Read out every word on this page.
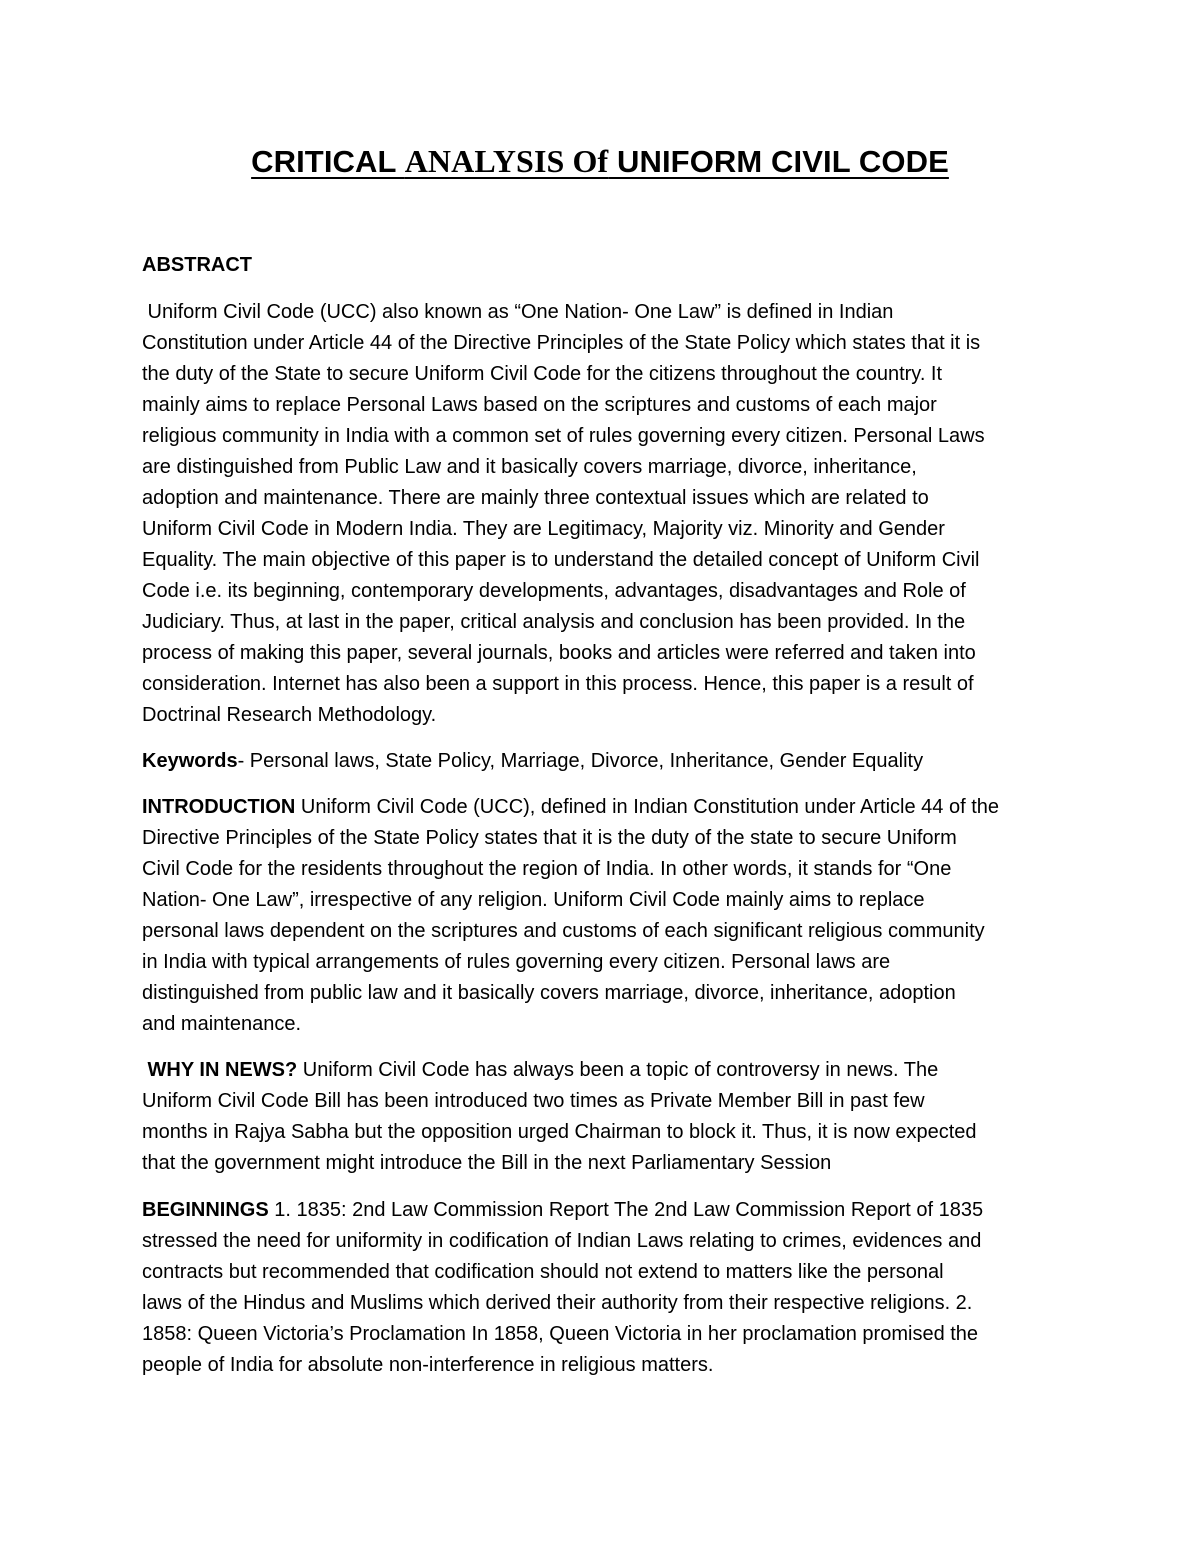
CRITICAL ANALYSIS Of UNIFORM CIVIL CODE
ABSTRACT
Uniform Civil Code (UCC) also known as “One Nation- One Law” is defined in Indian
Constitution under Article 44 of the Directive Principles of the State Policy which states that it is
the duty of the State to secure Uniform Civil Code for the citizens throughout the country. It
mainly aims to replace Personal Laws based on the scriptures and customs of each major
religious community in India with a common set of rules governing every citizen. Personal Laws
are distinguished from Public Law and it basically covers marriage, divorce, inheritance,
adoption and maintenance. There are mainly three contextual issues which are related to
Uniform Civil Code in Modern India. They are Legitimacy, Majority viz. Minority and Gender
Equality. The main objective of this paper is to understand the detailed concept of Uniform Civil
Code i.e. its beginning, contemporary developments, advantages, disadvantages and Role of
Judiciary. Thus, at last in the paper, critical analysis and conclusion has been provided. In the
process of making this paper, several journals, books and articles were referred and taken into
consideration. Internet has also been a support in this process. Hence, this paper is a result of
Doctrinal Research Methodology.
Keywords- Personal laws, State Policy, Marriage, Divorce, Inheritance, Gender Equality
INTRODUCTION Uniform Civil Code (UCC), defined in Indian Constitution under Article 44 of the
Directive Principles of the State Policy states that it is the duty of the state to secure Uniform
Civil Code for the residents throughout the region of India. In other words, it stands for “One
Nation- One Law”, irrespective of any religion. Uniform Civil Code mainly aims to replace
personal laws dependent on the scriptures and customs of each significant religious community
in India with typical arrangements of rules governing every citizen. Personal laws are
distinguished from public law and it basically covers marriage, divorce, inheritance, adoption
and maintenance.
WHY IN NEWS? Uniform Civil Code has always been a topic of controversy in news. The
Uniform Civil Code Bill has been introduced two times as Private Member Bill in past few
months in Rajya Sabha but the opposition urged Chairman to block it. Thus, it is now expected
that the government might introduce the Bill in the next Parliamentary Session
BEGINNINGS 1. 1835: 2nd Law Commission Report The 2nd Law Commission Report of 1835
stressed the need for uniformity in codification of Indian Laws relating to crimes, evidences and
contracts but recommended that codification should not extend to matters like the personal
laws of the Hindus and Muslims which derived their authority from their respective religions. 2.
1858: Queen Victoria’s Proclamation In 1858, Queen Victoria in her proclamation promised the
people of India for absolute non-interference in religious matters.
